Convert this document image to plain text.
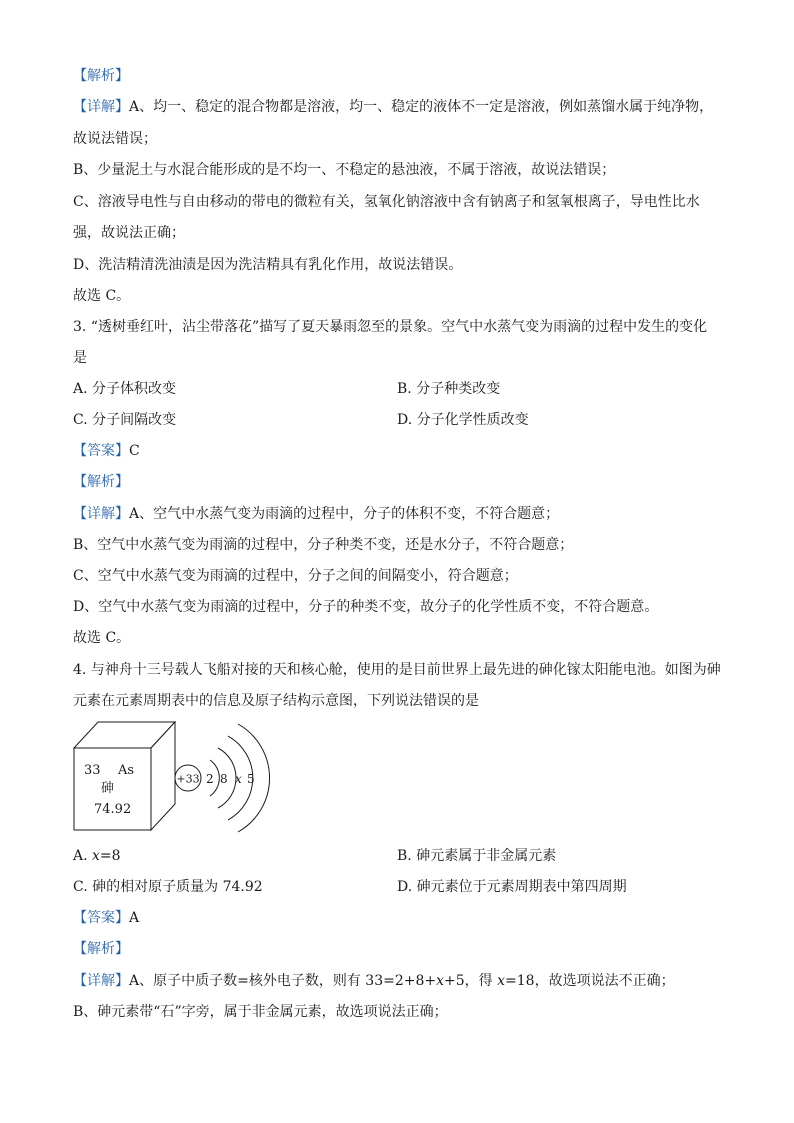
【解析】
【详解】A、均一、稳定的混合物都是溶液，均一、稳定的液体不一定是溶液，例如蒸馏水属于纯净物，
故说法错误；
B、少量泥土与水混合能形成的是不均一、不稳定的悬浊液，不属于溶液，故说法错误；
C、溶液导电性与自由移动的带电的微粒有关，氢氧化钠溶液中含有钠离子和氢氧根离子，导电性比水
强，故说法正确；
D、洗洁精清洗油渍是因为洗洁精具有乳化作用，故说法错误。
故选 C。
3. “透树垂红叶，沾尘带落花”描写了夏天暴雨忽至的景象。空气中水蒸气变为雨滴的过程中发生的变化
是
A. 分子体积改变	B. 分子种类改变
C. 分子间隔改变	D. 分子化学性质改变
【答案】C
【解析】
【详解】A、空气中水蒸气变为雨滴的过程中，分子的体积不变，不符合题意；
B、空气中水蒸气变为雨滴的过程中，分子种类不变，还是水分子，不符合题意；
C、空气中水蒸气变为雨滴的过程中，分子之间的间隔变小，符合题意；
D、空气中水蒸气变为雨滴的过程中，分子的种类不变，故分子的化学性质不变，不符合题意。
故选 C。
4. 与神舟十三号载人飞船对接的天和核心舱，使用的是目前世界上最先进的砷化镓太阳能电池。如图为砷
元素在元素周期表中的信息及原子结构示意图，下列说法错误的是
33 As
砷
74.92
+33 2 8 x 5
A. x=8	B. 砷元素属于非金属元素
C. 砷的相对原子质量为 74.92	D. 砷元素位于元素周期表中第四周期
【答案】A
【解析】
【详解】A、原子中质子数=核外电子数，则有 33=2+8+x+5，得 x=18，故选项说法不正确；
B、砷元素带“石”字旁，属于非金属元素，故选项说法正确；
